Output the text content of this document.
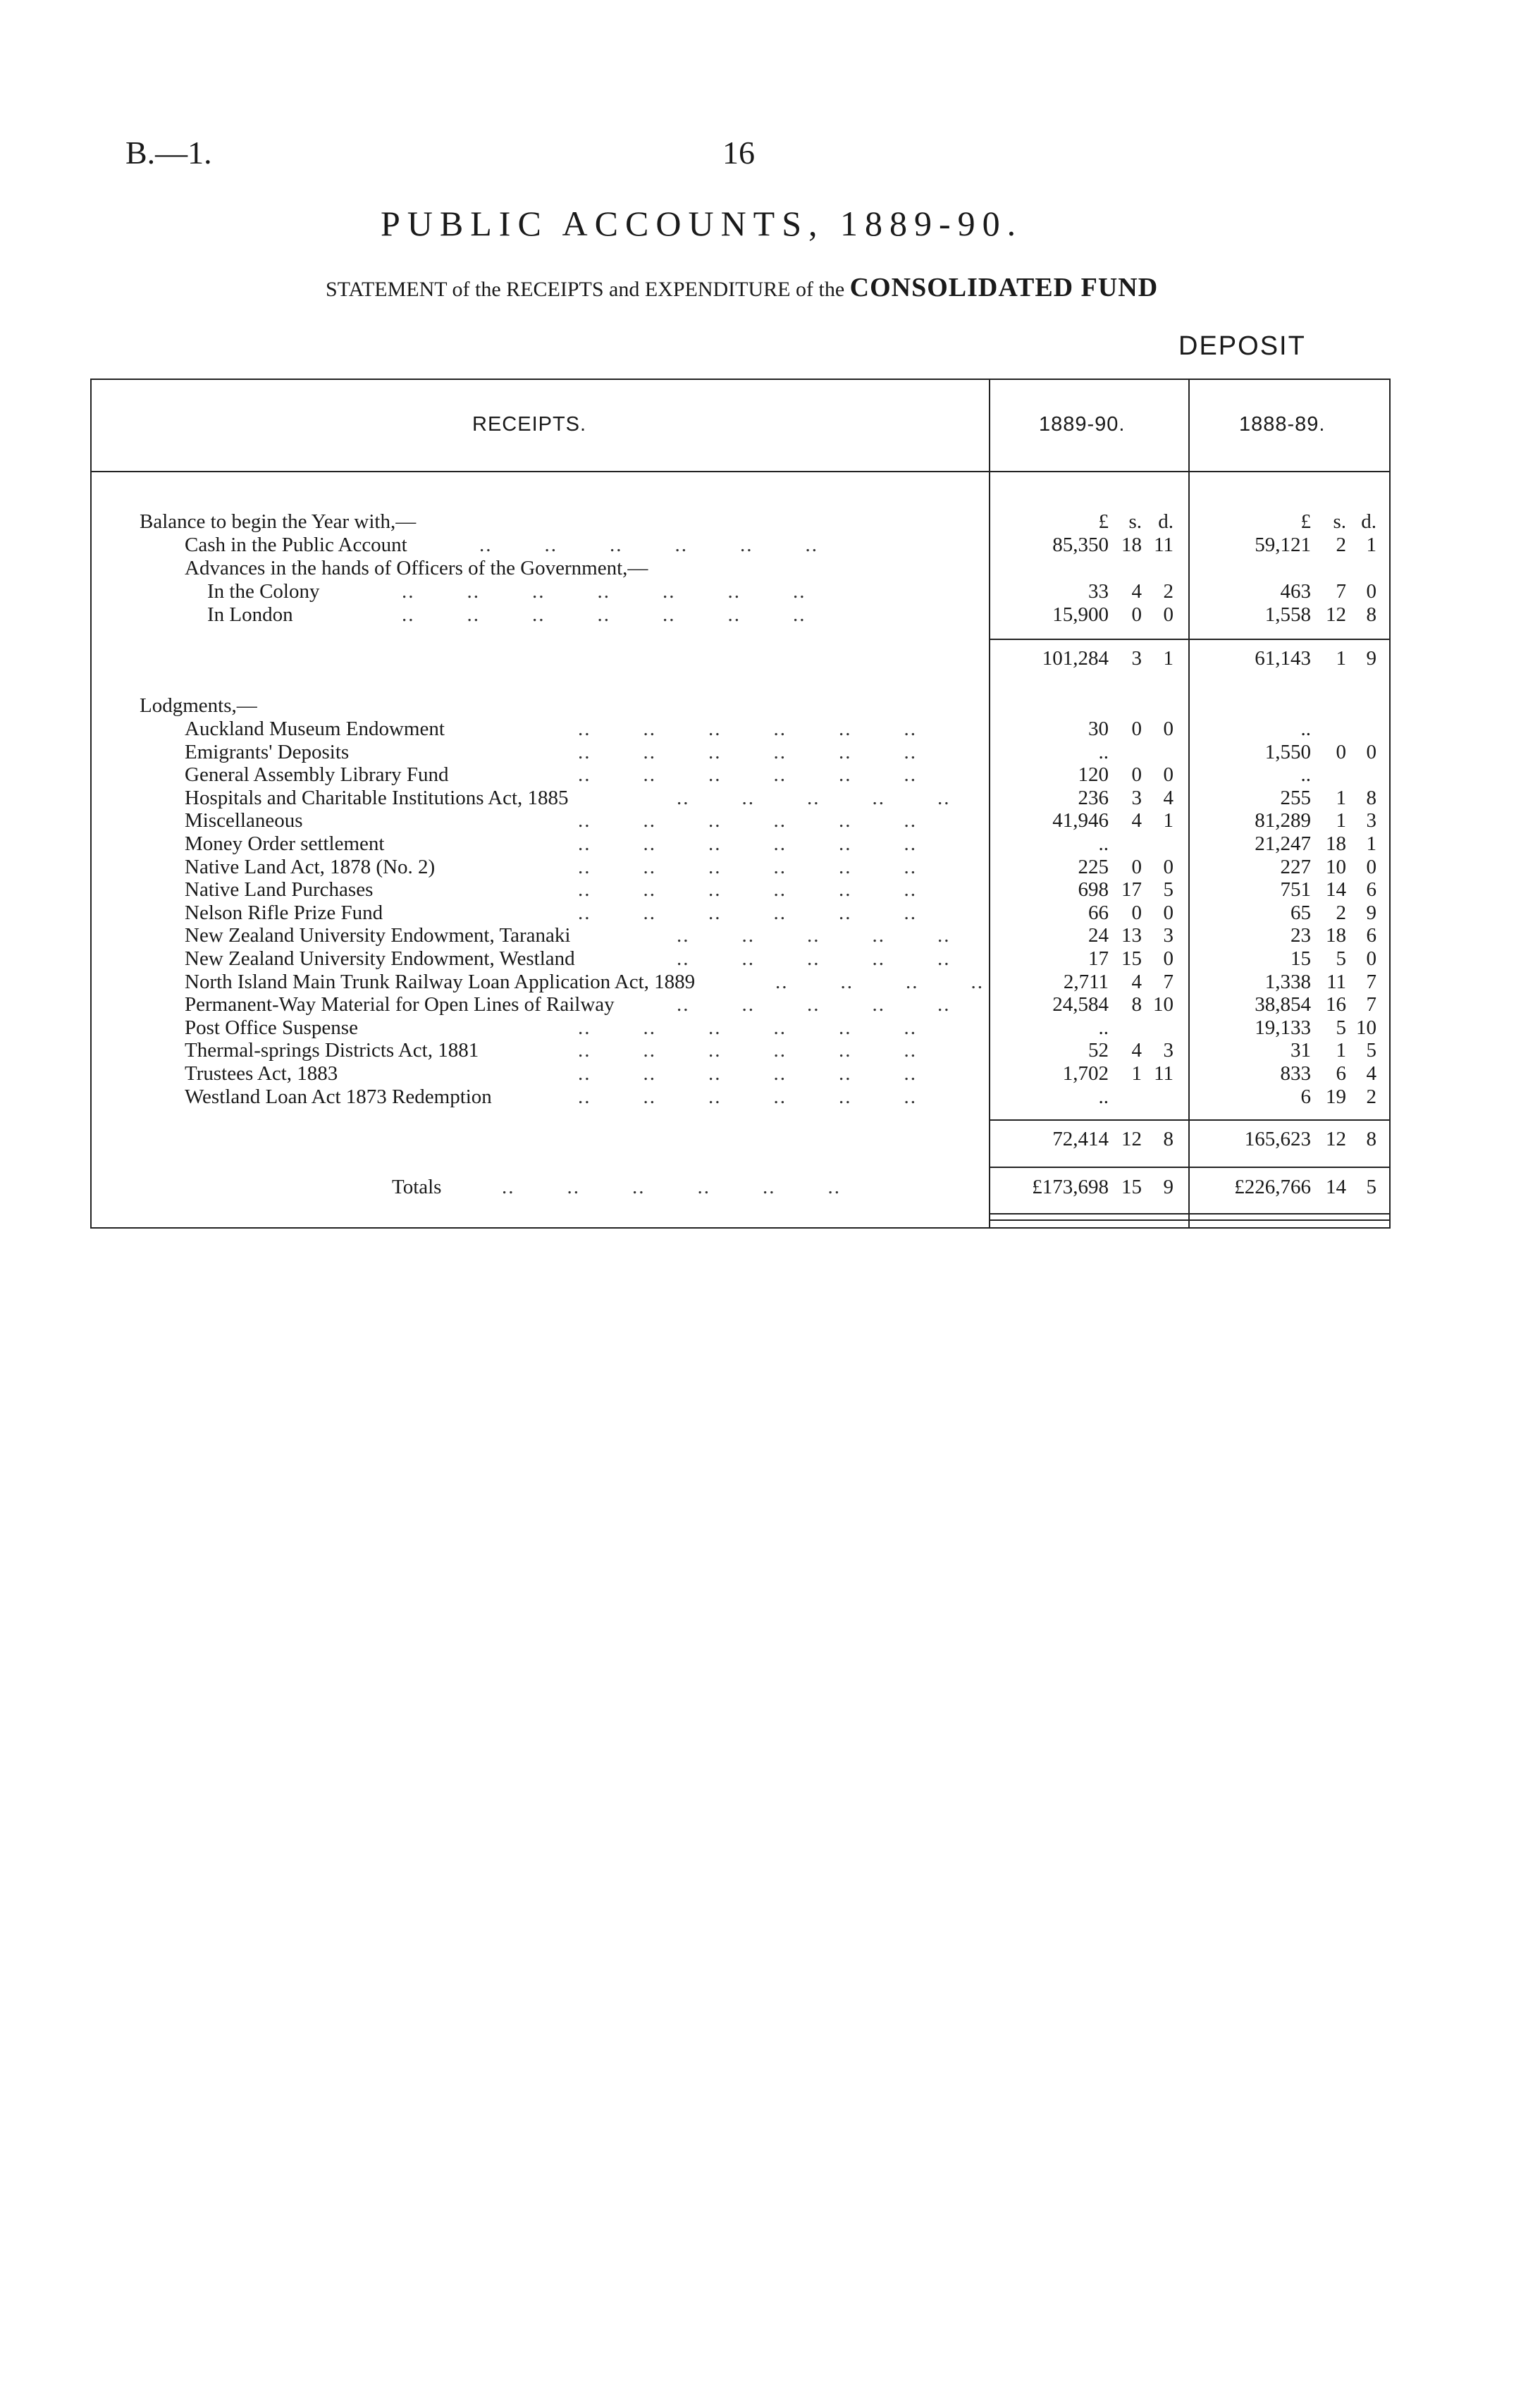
B.—1.	16
PUBLIC ACCOUNTS, 1889-90.
STATEMENT of the RECEIPTS and EXPENDITURE of the CONSOLIDATED FUND
DEPOSIT
RECEIPTS.	1889-90.	1888-89.
Balance to begin the Year with,—	£ s. d.	£ s. d.
Cash in the Public Account	..        ..        ..        ..        ..        ..	85,350 18 11	59,121 2 1
Advances in the hands of Officers of the Government,—
In the Colony	..        ..        ..        ..        ..        ..        ..	33 4 2	463 7 0
In London	..        ..        ..        ..        ..        ..        ..	15,900 0 0	1,558 12 8
101,284 3 1	61,143 1 9
Lodgments,—
Auckland Museum Endowment	..        ..        ..        ..        ..        ..	30 0 0	..
Emigrants' Deposits	..        ..        ..        ..        ..        ..	..	1,550 0 0
General Assembly Library Fund	..        ..        ..        ..        ..        ..	120 0 0	..
Hospitals and Charitable Institutions Act, 1885	..        ..        ..        ..        ..	236 3 4	255 1 8
Miscellaneous	..        ..        ..        ..        ..        ..	41,946 4 1	81,289 1 3
Money Order settlement	..        ..        ..        ..        ..        ..	..	21,247 18 1
Native Land Act, 1878 (No. 2)	..        ..        ..        ..        ..        ..	225 0 0	227 10 0
Native Land Purchases	..        ..        ..        ..        ..        ..	698 17 5	751 14 6
Nelson Rifle Prize Fund	..        ..        ..        ..        ..        ..	66 0 0	65 2 9
New Zealand University Endowment, Taranaki	..        ..        ..        ..        ..	24 13 3	23 18 6
New Zealand University Endowment, Westland	..        ..        ..        ..        ..	17 15 0	15 5 0
North Island Main Trunk Railway Loan Application Act, 1889	..        ..        ..        ..	2,711 4 7	1,338 11 7
Permanent-Way Material for Open Lines of Railway	..        ..        ..        ..        ..	24,584 8 10	38,854 16 7
Post Office Suspense	..        ..        ..        ..        ..        ..	..	19,133 5 10
Thermal-springs Districts Act, 1881	..        ..        ..        ..        ..        ..	52 4 3	31 1 5
Trustees Act, 1883	..        ..        ..        ..        ..        ..	1,702 1 11	833 6 4
Westland Loan Act 1873 Redemption	..        ..        ..        ..        ..        ..	..	6 19 2
72,414 12 8	165,623 12 8
Totals	..        ..        ..        ..        ..        ..	£173,698 15 9	£226,766 14 5
